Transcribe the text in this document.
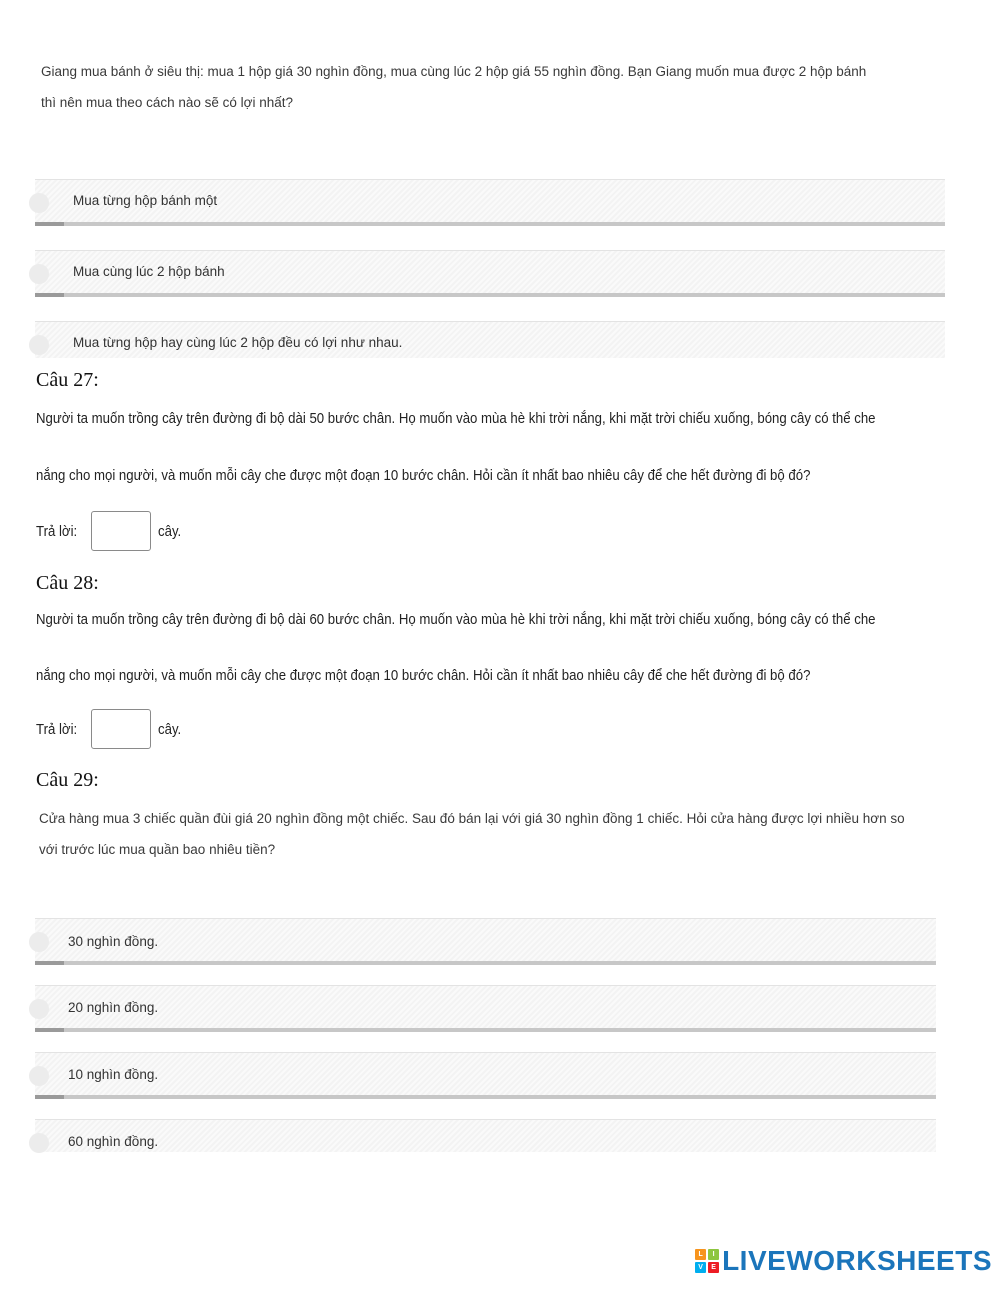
Giang mua bánh ở siêu thị: mua 1 hộp giá 30 nghìn đồng, mua cùng lúc 2 hộp giá 55 nghìn đồng. Bạn Giang muốn mua được 2 hộp bánh
thì nên mua theo cách nào sẽ có lợi nhất?
Mua từng hộp bánh một
Mua cùng lúc 2 hộp bánh
Mua từng hộp hay cùng lúc 2 hộp đều có lợi như nhau.
Câu 27:
Người ta muốn trồng cây trên đường đi bộ dài 50 bước chân. Họ muốn vào mùa hè khi trời nắng, khi mặt trời chiếu xuống, bóng cây có thể che
nắng cho mọi người, và muốn mỗi cây che được một đoạn 10 bước chân. Hỏi cần ít nhất bao nhiêu cây để che hết đường đi bộ đó?
Trả lời:	cây.
Câu 28:
Người ta muốn trồng cây trên đường đi bộ dài 60 bước chân. Họ muốn vào mùa hè khi trời nắng, khi mặt trời chiếu xuống, bóng cây có thể che
nắng cho mọi người, và muốn mỗi cây che được một đoạn 10 bước chân. Hỏi cần ít nhất bao nhiêu cây để che hết đường đi bộ đó?
Trả lời:	cây.
Câu 29:
Cửa hàng mua 3 chiếc quần đùi giá 20 nghìn đồng một chiếc. Sau đó bán lại với giá 30 nghìn đồng 1 chiếc. Hỏi cửa hàng được lợi nhiều hơn so
với trước lúc mua quần bao nhiêu tiền?
30 nghìn đồng.
20 nghìn đồng.
10 nghìn đồng.
60 nghìn đồng.
L	I
V	E LIVEWORKSHEETS
